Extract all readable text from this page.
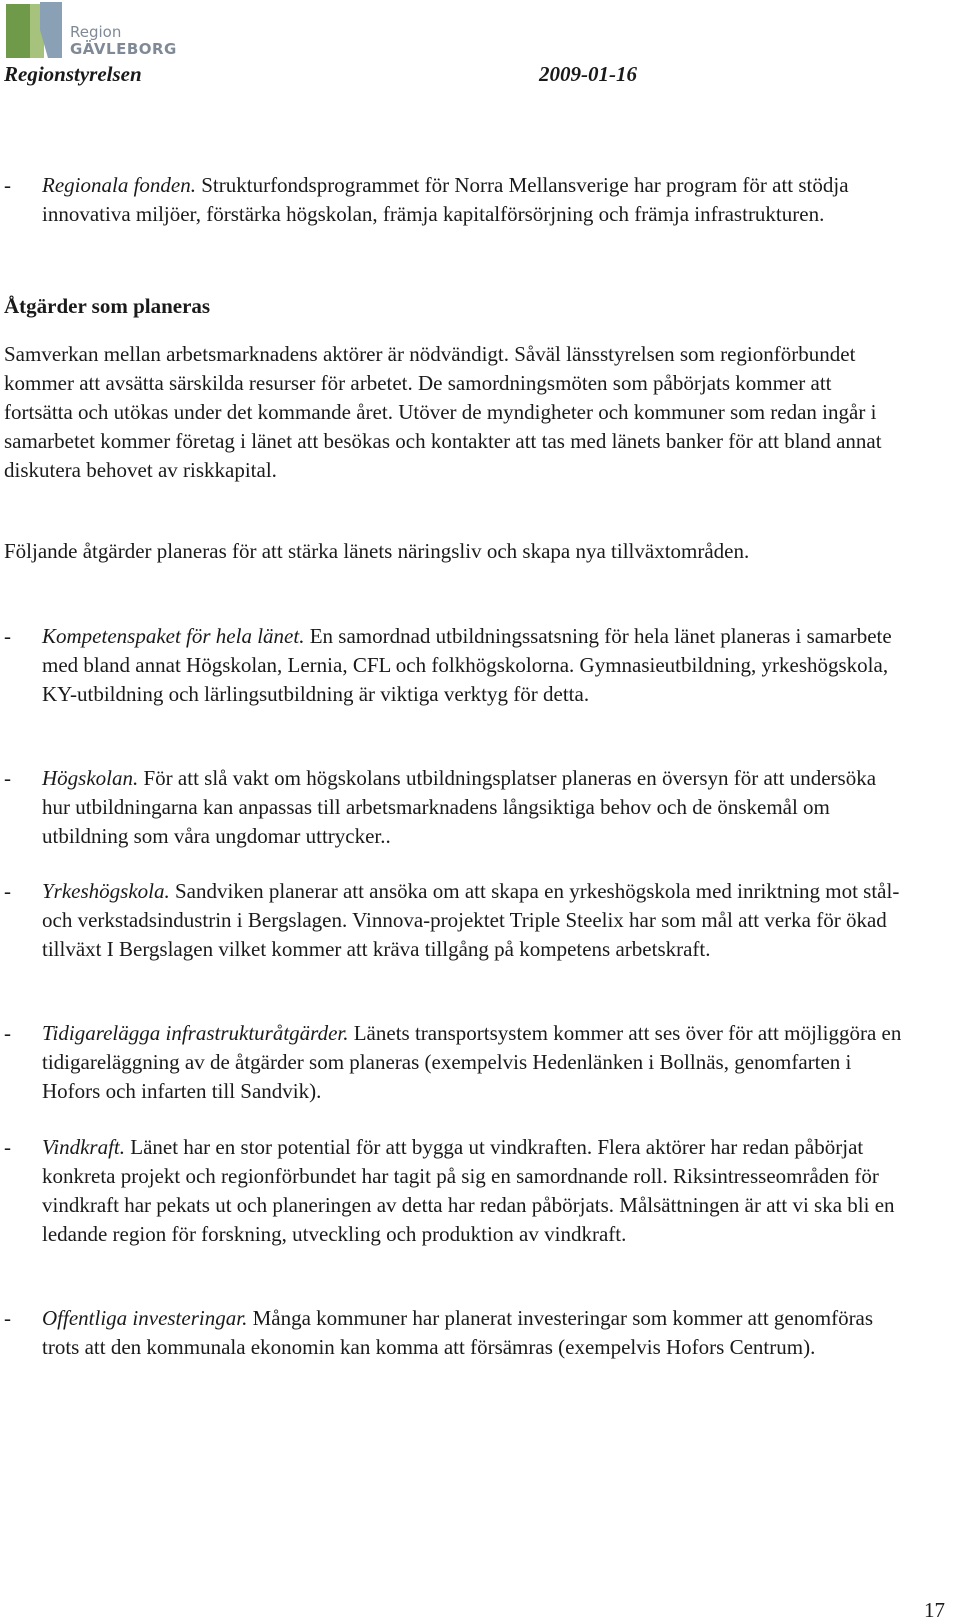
Region
GÄVLEBORG
Regionstyrelsen	2009-01-16
- Regionala fonden. Strukturfondsprogrammet för Norra Mellansverige har program för att stödja innovativa miljöer, förstärka högskolan, främja kapitalförsörjning och främja infrastrukturen.
Åtgärder som planeras

Samverkan mellan arbetsmarknadens aktörer är nödvändigt. Såväl länsstyrelsen som regionförbundet kommer att avsätta särskilda resurser för arbetet. De samordningsmöten som påbörjats kommer att fortsätta och utökas under det kommande året. Utöver de myndigheter och kommuner som redan ingår i samarbetet kommer företag i länet att besökas och kontakter att tas med länets banker för att bland annat diskutera behovet av riskkapital.

Följande åtgärder planeras för att stärka länets näringsliv och skapa nya tillväxtområden.

- Kompetenspaket för hela länet. En samordnad utbildningssatsning för hela länet planeras i samarbete med bland annat Högskolan, Lernia, CFL och folkhögskolorna. Gymnasieutbildning, yrkeshögskola, KY-utbildning och lärlingsutbildning är viktiga verktyg för detta.
- Högskolan. För att slå vakt om högskolans utbildningsplatser planeras en översyn för att undersöka hur utbildningarna kan anpassas till arbetsmarknadens långsiktiga behov och de önskemål om utbildning som våra ungdomar uttrycker..
- Yrkeshögskola. Sandviken planerar att ansöka om att skapa en yrkeshögskola med inriktning mot stål- och verkstadsindustrin i Bergslagen. Vinnova-projektet Triple Steelix har som mål att verka för ökad tillväxt I Bergslagen vilket kommer att kräva tillgång på kompetens arbetskraft.
- Tidigarelägga infrastrukturåtgärder. Länets transportsystem kommer att ses över för att möjliggöra en tidigareläggning av de åtgärder som planeras (exempelvis Hedenlänken i Bollnäs, genomfarten i Hofors och infarten till Sandvik).
- Vindkraft. Länet har en stor potential för att bygga ut vindkraften. Flera aktörer har redan påbörjat konkreta projekt och regionförbundet har tagit på sig en samordnande roll. Riksintresseområden för vindkraft har pekats ut och planeringen av detta har redan påbörjats. Målsättningen är att vi ska bli en ledande region för forskning, utveckling och produktion av vindkraft.
- Offentliga investeringar. Många kommuner har planerat investeringar som kommer att genomföras trots att den kommunala ekonomin kan komma att försämras (exempelvis Hofors Centrum).
17
